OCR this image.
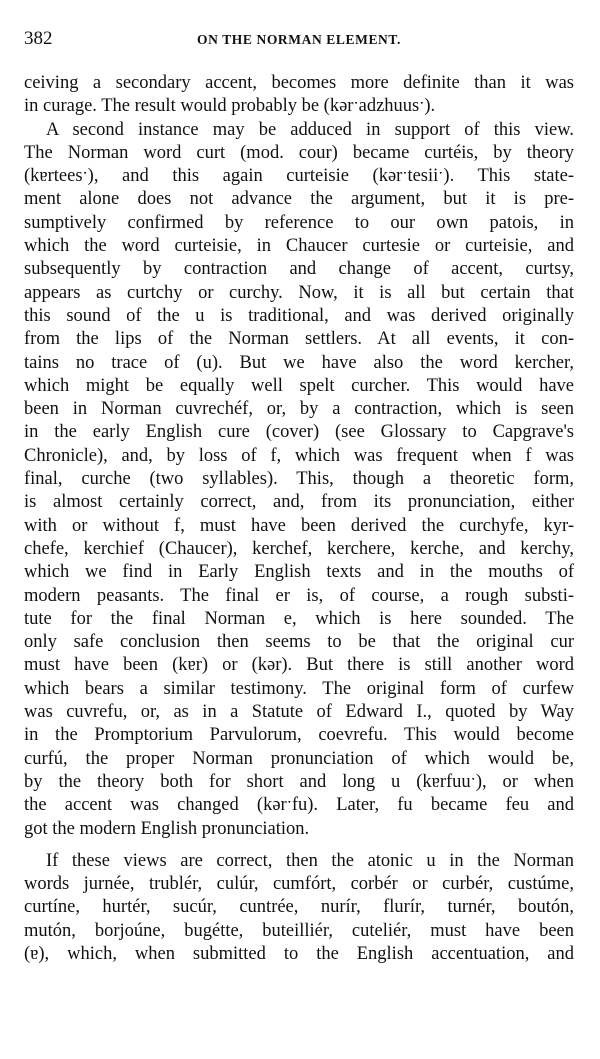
382	ON THE NORMAN ELEMENT.
ceiving a secondary accent, becomes more definite than it was
in curage. The result would probably be (kərˑadzhuusˑ).
A second instance may be adduced in support of this view.
The Norman word curt (mod. cour) became curtéis, by theory
(kɐrteesˑ), and this again curteisie (kərˑtesiiˑ). This state-
ment alone does not advance the argument, but it is pre-
sumptively confirmed by reference to our own patois, in
which the word curteisie, in Chaucer curtesie or curteisie, and
subsequently by contraction and change of accent, curtsy,
appears as curtchy or curchy. Now, it is all but certain that
this sound of the u is traditional, and was derived originally
from the lips of the Norman settlers. At all events, it con-
tains no trace of (u). But we have also the word kercher,
which might be equally well spelt curcher. This would have
been in Norman cuvrechéf, or, by a contraction, which is seen
in the early English cure (cover) (see Glossary to Capgrave's
Chronicle), and, by loss of f, which was frequent when f was
final, curche (two syllables). This, though a theoretic form,
is almost certainly correct, and, from its pronunciation, either
with or without f, must have been derived the curchyfe, kyr-
chefe, kerchief (Chaucer), kerchef, kerchere, kerche, and kerchy,
which we find in Early English texts and in the mouths of
modern peasants. The final er is, of course, a rough substi-
tute for the final Norman e, which is here sounded. The
only safe conclusion then seems to be that the original cur
must have been (kɐr) or (kər). But there is still another word
which bears a similar testimony. The original form of curfew
was cuvrefu, or, as in a Statute of Edward I., quoted by Way
in the Promptorium Parvulorum, coevrefu. This would become
curfú, the proper Norman pronunciation of which would be,
by the theory both for short and long u (kɐrfuuˑ), or when
the accent was changed (kərˑfu). Later, fu became feu and
got the modern English pronunciation.
If these views are correct, then the atonic u in the Norman
words jurnée, trublér, culúr, cumfórt, corbér or curbér, custúme,
curtíne, hurtér, sucúr, cuntrée, nurír, flurír, turnér, boutón,
mutón, borjoúne, bugétte, buteilliér, cuteliér, must have been
(ɐ), which, when submitted to the English accentuation, and
